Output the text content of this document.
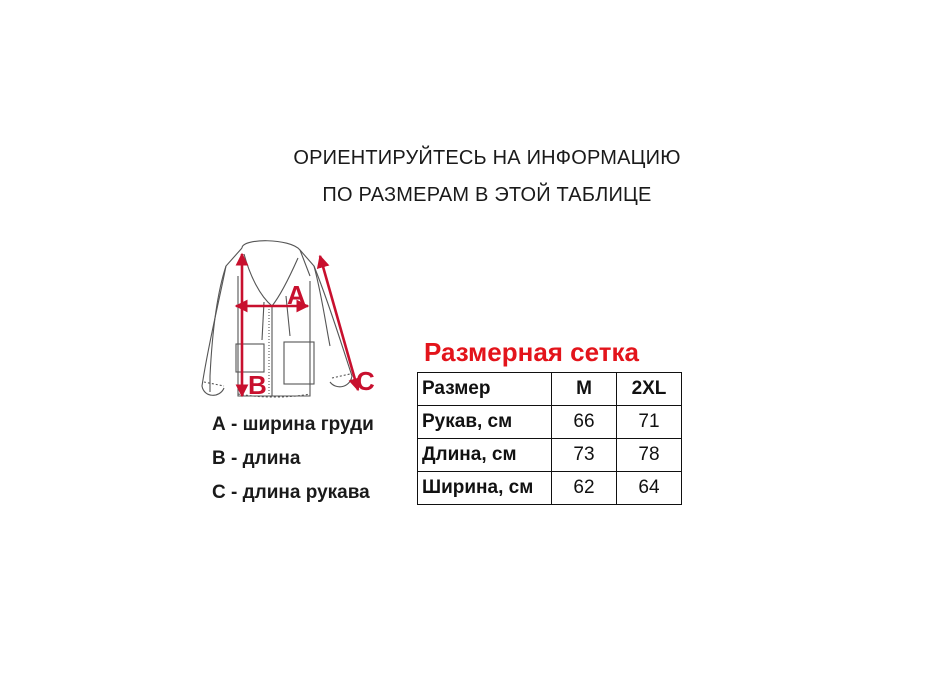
ОРИЕНТИРУЙТЕСЬ НА ИНФОРМАЦИЮ
ПО РАЗМЕРАМ В ЭТОЙ ТАБЛИЦЕ
A
B	C
А - ширина груди
В - длина
С - длина рукава
Размерная сетка
Размер	M	2XL
Рукав, см	66	71
Длина, см	73	78
Ширина, см	62	64
